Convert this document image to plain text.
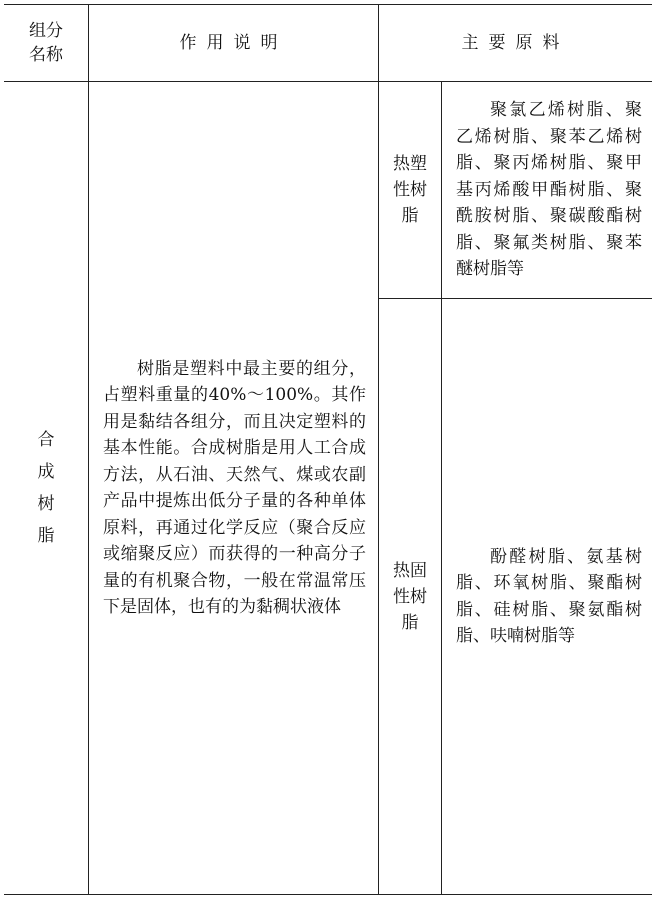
组分
名称
作用说明	主要原料
合
成
树
脂
树脂是塑料中最主要的组分，占塑料重量的40%～100%。其作用是黏结各组分，而且决定塑料的基本性能。合成树脂是用人工合成方法，从石油、天然气、煤或农副产品中提炼出低分子量的各种单体原料，再通过化学反应（聚合反应或缩聚反应）而获得的一种高分子量的有机聚合物，一般在常温常压下是固体，也有的为黏稠状液体
热塑
性树
脂
聚氯乙烯树脂、聚乙烯树脂、聚苯乙烯树脂、聚丙烯树脂、聚甲基丙烯酸甲酯树脂、聚酰胺树脂、聚碳酸酯树脂、聚氟类树脂、聚苯醚树脂等
热固
性树
脂
酚醛树脂、氨基树脂、环氧树脂、聚酯树脂、硅树脂、聚氨酯树脂、呋喃树脂等
